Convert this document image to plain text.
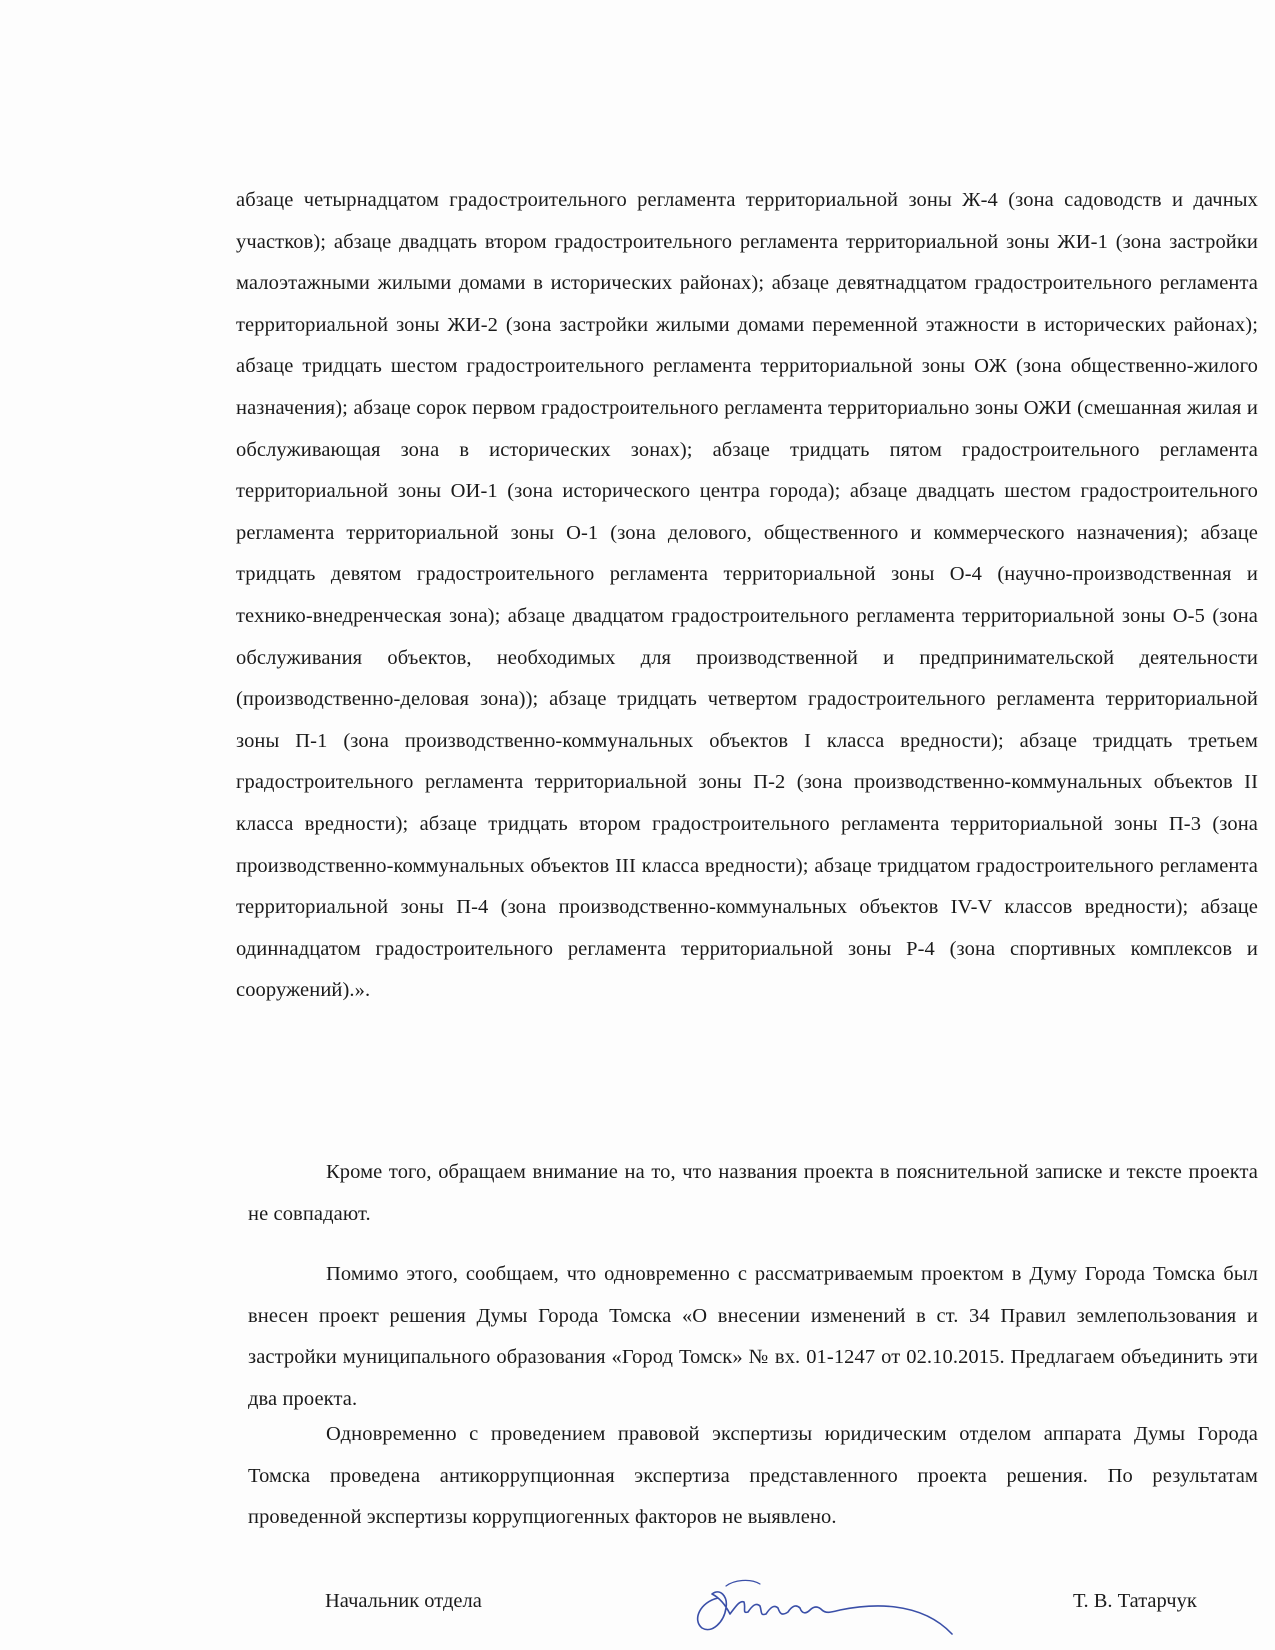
абзаце четырнадцатом градостроительного регламента территориальной зоны Ж-4 (зона садоводств и дачных участков); абзаце двадцать втором градостроительного регламента территориальной зоны ЖИ-1 (зона застройки малоэтажными жилыми домами в исторических районах); абзаце девятнадцатом градостроительного регламента территориальной зоны ЖИ-2 (зона застройки жилыми домами переменной этажности в исторических районах); абзаце тридцать шестом градостроительного регламента территориальной зоны ОЖ (зона общественно-жилого назначения); абзаце сорок первом градостроительного регламента территориально зоны ОЖИ (смешанная жилая и обслуживающая зона в исторических зонах); абзаце тридцать пятом градостроительного регламента территориальной зоны ОИ-1 (зона исторического центра города); абзаце двадцать шестом градостроительного регламента территориальной зоны О-1 (зона делового, общественного и коммерческого назначения); абзаце тридцать девятом градостроительного регламента территориальной зоны О-4 (научно-производственная и технико-внедренческая зона); абзаце двадцатом градостроительного регламента территориальной зоны О-5 (зона обслуживания объектов, необходимых для производственной и предпринимательской деятельности (производственно-деловая зона)); абзаце тридцать четвертом градостроительного регламента территориальной зоны П-1 (зона производственно-коммунальных объектов I класса вредности); абзаце тридцать третьем градостроительного регламента территориальной зоны П-2 (зона производственно-коммунальных объектов II класса вредности); абзаце тридцать втором градостроительного регламента территориальной зоны П-3 (зона производственно-коммунальных объектов III класса вредности); абзаце тридцатом градостроительного регламента территориальной зоны П-4 (зона производственно-коммунальных объектов IV-V классов вредности); абзаце одиннадцатом градостроительного регламента территориальной зоны Р-4 (зона спортивных комплексов и сооружений).».
Кроме того, обращаем внимание на то, что названия проекта в пояснительной записке и тексте проекта не совпадают.
Помимо этого, сообщаем, что одновременно с рассматриваемым проектом в Думу Города Томска был внесен проект решения Думы Города Томска «О внесении изменений в ст. 34 Правил землепользования и застройки муниципального образования «Город Томск» № вх. 01-1247 от 02.10.2015. Предлагаем объединить эти два проекта.
Одновременно с проведением правовой экспертизы юридическим отделом аппарата Думы Города Томска проведена антикоррупционная экспертиза представленного проекта решения. По результатам проведенной экспертизы коррупциогенных факторов не выявлено.
Начальник отдела	Т. В. Татарчук
